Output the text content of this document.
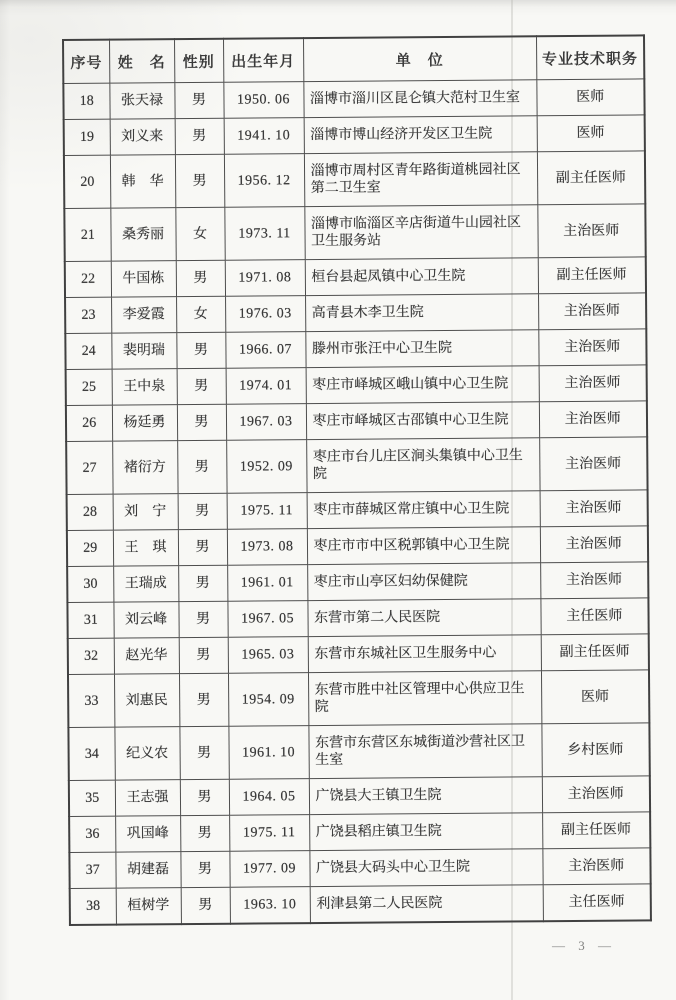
序号	姓　名	性别	出生年月	单　位	专业技术职务
18	张天禄	男	1950. 06	淄博市淄川区昆仑镇大范村卫生室	医师
19	刘义来	男	1941. 10	淄博市博山经济开发区卫生院	医师
20	韩　华	男	1956. 12	淄博市周村区青年路街道桃园社区第二卫生室	副主任医师
21	桑秀丽	女	1973. 11	淄博市临淄区辛店街道牛山园社区卫生服务站	主治医师
22	牛国栋	男	1971. 08	桓台县起凤镇中心卫生院	副主任医师
23	李爱霞	女	1976. 03	高青县木李卫生院	主治医师
24	裴明瑞	男	1966. 07	滕州市张汪中心卫生院	主治医师
25	王中泉	男	1974. 01	枣庄市峄城区峨山镇中心卫生院	主治医师
26	杨廷勇	男	1967. 03	枣庄市峄城区古邵镇中心卫生院	主治医师
27	褚衍方	男	1952. 09	枣庄市台儿庄区涧头集镇中心卫生院	主治医师
28	刘　宁	男	1975. 11	枣庄市薛城区常庄镇中心卫生院	主治医师
29	王　琪	男	1973. 08	枣庄市市中区税郭镇中心卫生院	主治医师
30	王瑞成	男	1961. 01	枣庄市山亭区妇幼保健院	主治医师
31	刘云峰	男	1967. 05	东营市第二人民医院	主任医师
32	赵光华	男	1965. 03	东营市东城社区卫生服务中心	副主任医师
33	刘惠民	男	1954. 09	东营市胜中社区管理中心供应卫生院	医师
34	纪义农	男	1961. 10	东营市东营区东城街道沙营社区卫生室	乡村医师
35	王志强	男	1964. 05	广饶县大王镇卫生院	主治医师
36	巩国峰	男	1975. 11	广饶县稻庄镇卫生院	副主任医师
37	胡建磊	男	1977. 09	广饶县大码头中心卫生院	主治医师
38	桓树学	男	1963. 10	利津县第二人民医院	主任医师
— 3 —
